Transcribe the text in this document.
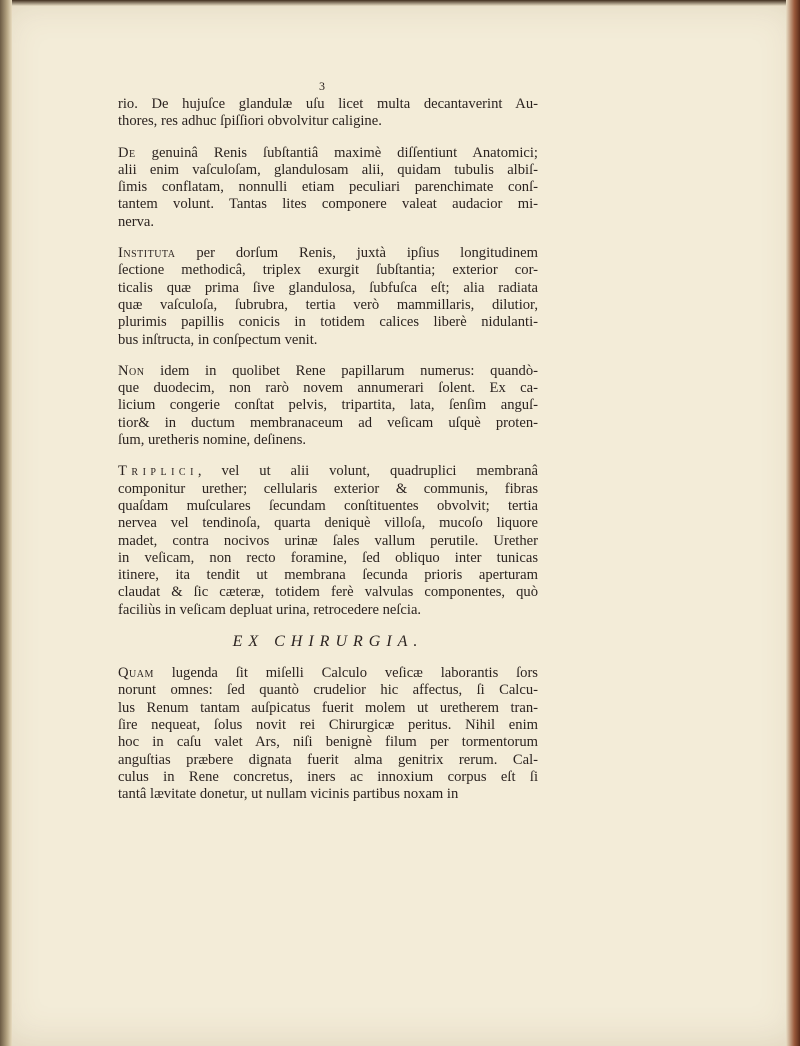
3
rio. De hujuſce glandulæ uſu licet multa decantaverint Au-
thores, res adhuc ſpiſſiori obvolvitur caligine.
De genuinâ Renis ſubſtantiâ maximè diſſentiunt Anatomici;
alii enim vaſculoſam, glandulosam alii, quidam tubulis albiſ-
ſimis conflatam, nonnulli etiam peculiari parenchimate conſ-
tantem volunt. Tantas lites componere valeat audacior mi-
nerva.
Instituta per dorſum Renis, juxtà ipſius longitudinem
ſectione methodicâ, triplex exurgit ſubſtantia; exterior cor-
ticalis quæ prima ſive glandulosa, ſubfuſca eſt; alia radiata
quæ vaſculoſa, ſubrubra, tertia verò mammillaris, dilutior,
plurimis papillis conicis in totidem calices liberè nidulanti-
bus inſtructa, in conſpectum venit.
Non idem in quolibet Rene papillarum numerus: quandò-
que duodecim, non rarò novem annumerari ſolent. Ex ca-
licium congerie conſtat pelvis, tripartita, lata, ſenſim anguſ-
tior& in ductum membranaceum ad veſicam uſquè proten-
ſum, uretheris nomine, deſinens.
Triplici, vel ut alii volunt, quadruplici membranâ
componitur urether; cellularis exterior & communis, fibras
quaſdam muſculares ſecundam conſtituentes obvolvit; tertia
nervea vel tendinoſa, quarta deniquè villoſa, mucoſo liquore
madet, contra nocivos urinæ ſales vallum perutile. Urether
in veſicam, non recto foramine, ſed obliquo inter tunicas
itinere, ita tendit ut membrana ſecunda prioris aperturam
claudat & ſic cæteræ, totidem ferè valvulas componentes, quò
faciliùs in veſicam depluat urina, retrocedere neſcia.
EX CHIRURGIA.
Quam lugenda ſit miſelli Calculo veſicæ laborantis ſors
norunt omnes: ſed quantò crudelior hic affectus, ſi Calcu-
lus Renum tantam auſpicatus fuerit molem ut uretherem tran-
ſire nequeat, ſolus novit rei Chirurgicæ peritus. Nihil enim
hoc in caſu valet Ars, niſi benignè filum per tormentorum
anguſtias præbere dignata fuerit alma genitrix rerum. Cal-
culus in Rene concretus, iners ac innoxium corpus eſt ſi
tantâ lævitate donetur, ut nullam vicinis partibus noxam in
